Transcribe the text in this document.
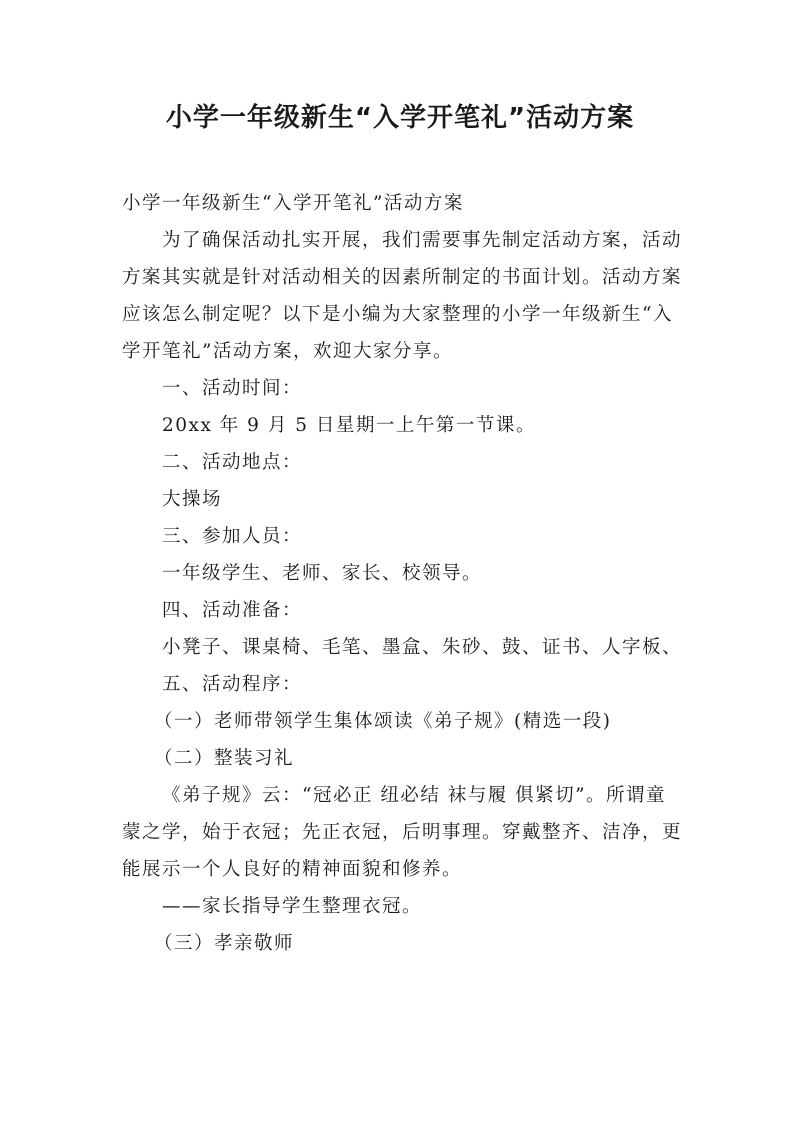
小学一年级新生“入学开笔礼”活动方案

小学一年级新生“入学开笔礼”活动方案

为了确保活动扎实开展，我们需要事先制定活动方案，活动方案其实就是针对活动相关的因素所制定的书面计划。活动方案应该怎么制定呢？以下是小编为大家整理的小学一年级新生“入学开笔礼”活动方案，欢迎大家分享。

一、活动时间：

20xx 年 9 月 5 日星期一上午第一节课。

二、活动地点：

大操场

三、参加人员：

一年级学生、老师、家长、校领导。

四、活动准备：

小凳子、课桌椅、毛笔、墨盒、朱砂、鼓、证书、人字板、

五、活动程序：

（一）老师带领学生集体颂读《弟子规》(精选一段)

（二）整装习礼

《弟子规》云：“冠必正 纽必结 袜与履 俱紧切”。所谓童蒙之学，始于衣冠；先正衣冠，后明事理。穿戴整齐、洁净，更能展示一个人良好的精神面貌和修养。

——家长指导学生整理衣冠。

（三）孝亲敬师
